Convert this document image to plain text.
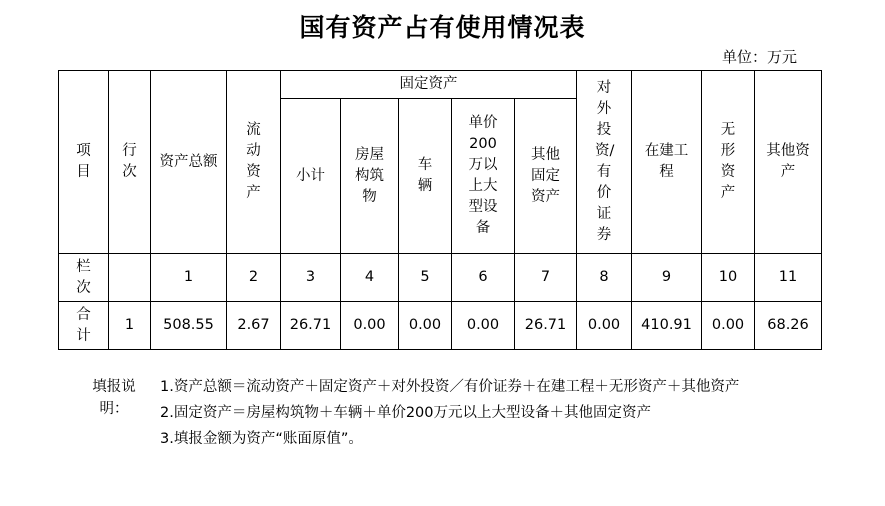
国有资产占有使用情况表
单位：万元
项目	行次	资产总额	流动资产	固定资产					对外投资/有价证券	在建工程	无形资产	其他资产
				小计	房屋构筑物	车辆	单价200万以上大型设备	其他固定资产				
栏次		1	2	3	4	5	6	7	8	9	10	11
合计	1	508.55	2.67	26.71	0.00	0.00	0.00	26.71	0.00	410.91	0.00	68.26
填报说明：
1.资产总额＝流动资产＋固定资产＋对外投资／有价证券＋在建工程＋无形资产＋其他资产
2.固定资产＝房屋构筑物＋车辆＋单价200万元以上大型设备＋其他固定资产
3.填报金额为资产“账面原值”。
